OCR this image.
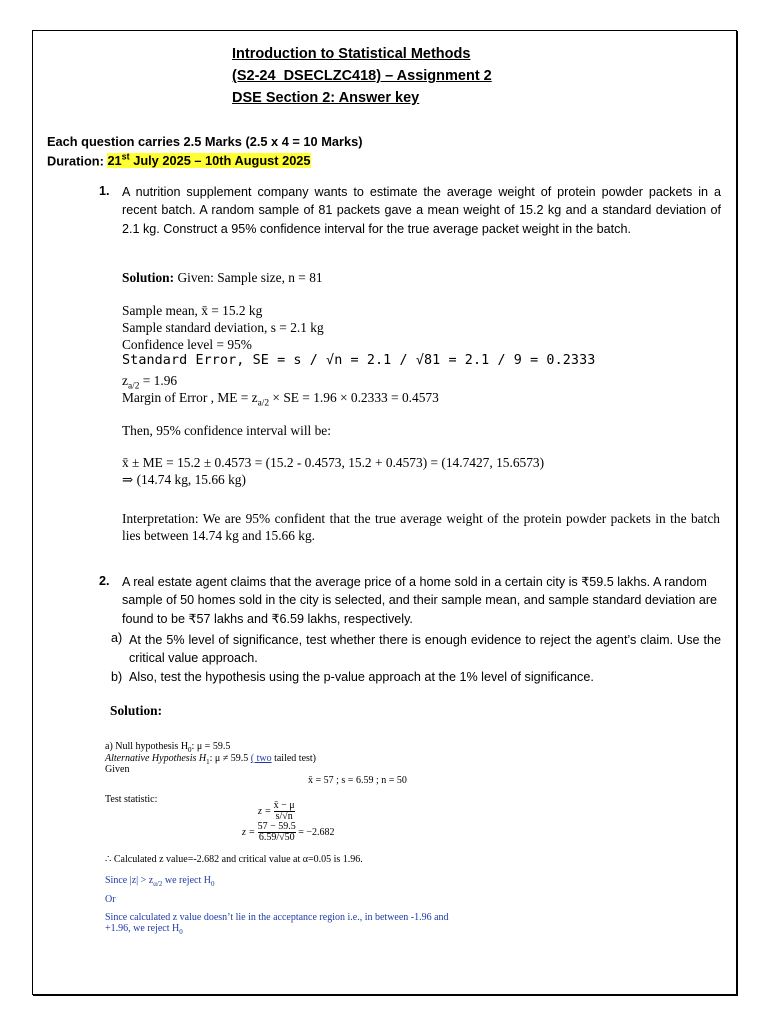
Introduction to Statistical Methods
(S2-24_DSECLZC418) – Assignment 2
DSE Section 2: Answer key
Each question carries 2.5 Marks (2.5 x 4 = 10 Marks)
Duration: 21st July 2025 – 10th August 2025
1. A nutrition supplement company wants to estimate the average weight of protein powder packets in a recent batch. A random sample of 81 packets gave a mean weight of 15.2 kg and a standard deviation of 2.1 kg. Construct a 95% confidence interval for the true average packet weight in the batch.
Solution: Given: Sample size, n = 81
Sample mean, x̄ = 15.2 kg
Sample standard deviation, s = 2.1 kg
Confidence level = 95%
Standard Error, SE = s / √n = 2.1 / √81 = 2.1 / 9 = 0.2333
$z_{a/2} = 1.96$
Margin of Error , ME = $z_{a/2}$ × SE = 1.96 × 0.2333 = 0.4573
Then, 95% confidence interval will be:
x̄ ± ME = 15.2 ± 0.4573 = (15.2 - 0.4573, 15.2 + 0.4573) = (14.7427, 15.6573)
⇒ (14.74 kg, 15.66 kg)
Interpretation: We are 95% confident that the true average weight of the protein powder packets in the batch lies between 14.74 kg and 15.66 kg.
2. A real estate agent claims that the average price of a home sold in a certain city is ₹59.5 lakhs. A random sample of 50 homes sold in the city is selected, and their sample mean, and sample standard deviation are found to be ₹57 lakhs and ₹6.59 lakhs, respectively.
a) At the 5% level of significance, test whether there is enough evidence to reject the agent’s claim. Use the critical value approach.
b) Also, test the hypothesis using the p-value approach at the 1% level of significance.
Solution:
a) Null hypothesis $H_0$: μ = 59.5
Alternative Hypothesis $H_1$: μ ≠ 59.5 ( two tailed test)
Given
x̄ = 57 ; s = 6.59 ; n = 50
Test statistic:
$z = \frac{x̄ - \mu}{s/√n}$
$z = \frac{57 - 59.5}{6.59/√50} = -2.682$
∴ Calculated z value=-2.682 and critical value at α=0.05 is 1.96.
Since $|z| > z_{\alpha/2}$ we reject $H_0$
Or
Since calculated z value doesn’t lie in the acceptance region i.e., in between -1.96 and
+1.96, we reject $H_0$
